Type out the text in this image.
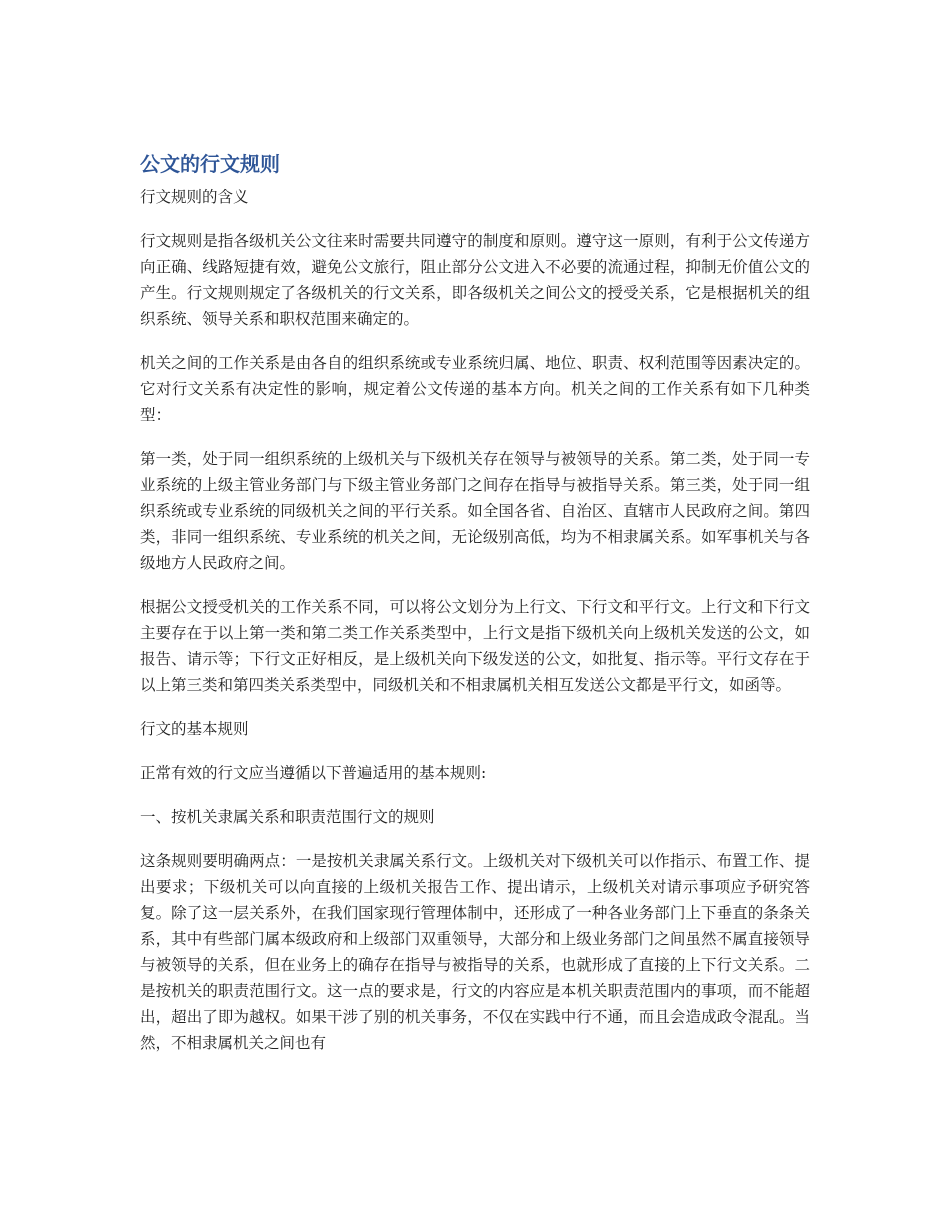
公文的行文规则
行文规则的含义

行文规则是指各级机关公文往来时需要共同遵守的制度和原则。遵守这一原则，有利于公文传递方向正确、线路短捷有效，避免公文旅行，阻止部分公文进入不必要的流通过程，抑制无价值公文的产生。行文规则规定了各级机关的行文关系，即各级机关之间公文的授受关系，它是根据机关的组织系统、领导关系和职权范围来确定的。

机关之间的工作关系是由各自的组织系统或专业系统归属、地位、职责、权利范围等因素决定的。它对行文关系有决定性的影响，规定着公文传递的基本方向。机关之间的工作关系有如下几种类型：

第一类，处于同一组织系统的上级机关与下级机关存在领导与被领导的关系。第二类，处于同一专业系统的上级主管业务部门与下级主管业务部门之间存在指导与被指导关系。第三类，处于同一组织系统或专业系统的同级机关之间的平行关系。如全国各省、自治区、直辖市人民政府之间。第四类，非同一组织系统、专业系统的机关之间，无论级别高低，均为不相隶属关系。如军事机关与各级地方人民政府之间。

根据公文授受机关的工作关系不同，可以将公文划分为上行文、下行文和平行文。上行文和下行文主要存在于以上第一类和第二类工作关系类型中，上行文是指下级机关向上级机关发送的公文，如报告、请示等；下行文正好相反，是上级机关向下级发送的公文，如批复、指示等。平行文存在于以上第三类和第四类关系类型中，同级机关和不相隶属机关相互发送公文都是平行文，如函等。

行文的基本规则
正常有效的行文应当遵循以下普遍适用的基本规则:
一、按机关隶属关系和职责范围行文的规则

这条规则要明确两点：一是按机关隶属关系行文。上级机关对下级机关可以作指示、布置工作、提出要求；下级机关可以向直接的上级机关报告工作、提出请示，上级机关对请示事项应予研究答复。除了这一层关系外，在我们国家现行管理体制中，还形成了一种各业务部门上下垂直的条条关系，其中有些部门属本级政府和上级部门双重领导，大部分和上级业务部门之间虽然不属直接领导与被领导的关系，但在业务上的确存在指导与被指导的关系，也就形成了直接的上下行文关系。二是按机关的职责范围行文。这一点的要求是，行文的内容应是本机关职责范围内的事项，而不能超出，超出了即为越权。如果干涉了别的机关事务，不仅在实践中行不通，而且会造成政令混乱。当然，不相隶属机关之间也有
